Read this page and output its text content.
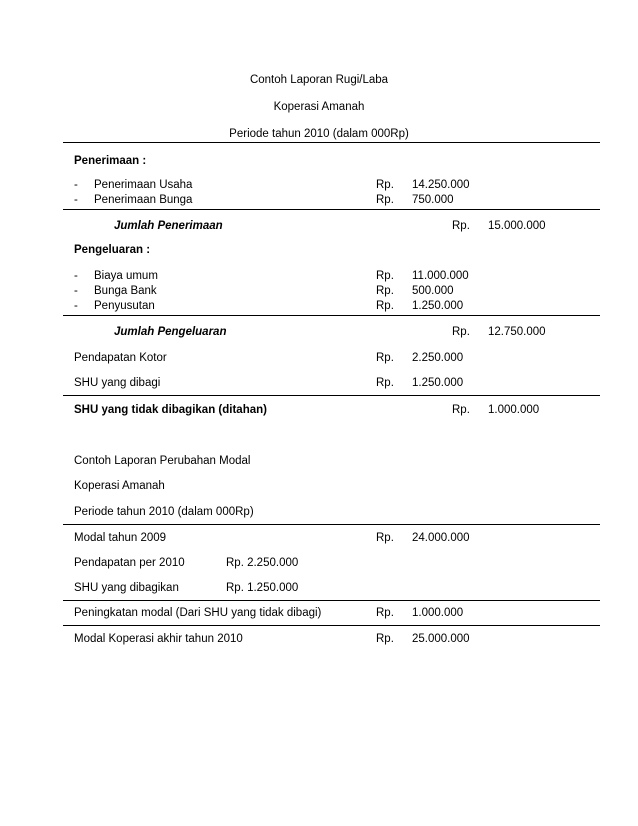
Contoh Laporan Rugi/Laba
Koperasi Amanah
Periode tahun 2010 (dalam 000Rp)
Penerimaan :
- Penerimaan Usaha	Rp. 14.250.000
- Penerimaan Bunga	Rp. 750.000
Jumlah Penerimaan	Rp. 15.000.000
Pengeluaran :
- Biaya umum	Rp. 11.000.000
- Bunga Bank	Rp. 500.000
- Penyusutan	Rp. 1.250.000
Jumlah Pengeluaran	Rp. 12.750.000
Pendapatan Kotor	Rp. 2.250.000
SHU yang dibagi	Rp. 1.250.000
SHU yang tidak dibagikan (ditahan)	Rp. 1.000.000
Contoh Laporan Perubahan Modal
Koperasi Amanah
Periode tahun 2010 (dalam 000Rp)
Modal tahun 2009	Rp. 24.000.000
Pendapatan per 2010	Rp. 2.250.000
SHU yang dibagikan	Rp. 1.250.000
Peningkatan modal (Dari SHU yang tidak dibagi)	Rp. 1.000.000
Modal Koperasi akhir tahun 2010	Rp. 25.000.000
